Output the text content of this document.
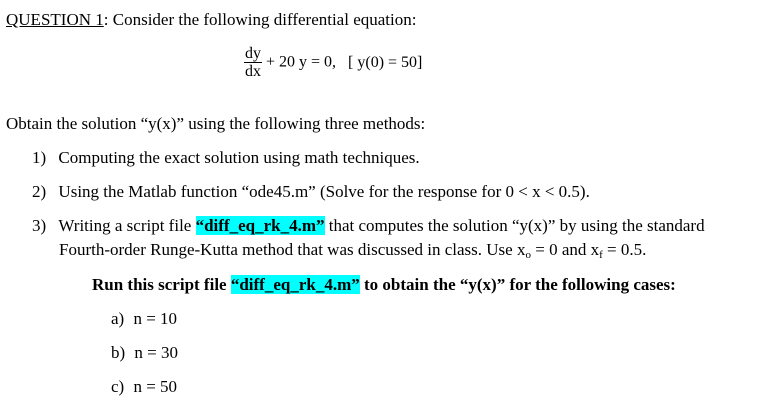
QUESTION 1: Consider the following differential equation:
$\frac{dy}{dx} + 20$ y = 0, [ y(0) = 50]
Obtain the solution “y(x)” using the following three methods:
1) Computing the exact solution using math techniques.
2) Using the Matlab function “ode45.m” (Solve for the response for 0 < x < 0.5).
3) Writing a script file “diff_eq_rk_4.m” that computes the solution “y(x)” by using the standard
Fourth-order Runge-Kutta method that was discussed in class. Use $x_o = 0$ and $x_f = 0.5$.
Run this script file “diff_eq_rk_4.m” to obtain the “y(x)” for the following cases:
a) n = 10
b) n = 30
c) n = 50
